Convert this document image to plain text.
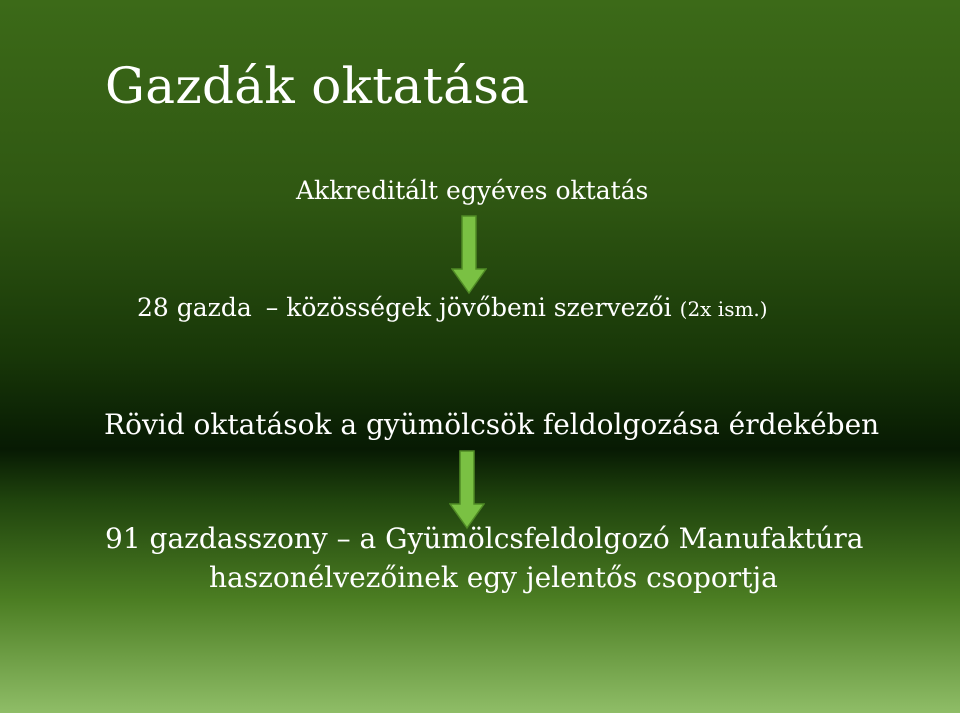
Gazdák oktatása
Akkreditált egyéves oktatás
28 gazda – közösségek jövőbeni szervezői (2x ism.)
Rövid oktatások a gyümölcsök feldolgozása érdekében
91 gazdasszony – a Gyümölcsfeldolgozó Manufaktúra
haszonélvezőinek egy jelentős csoportja
